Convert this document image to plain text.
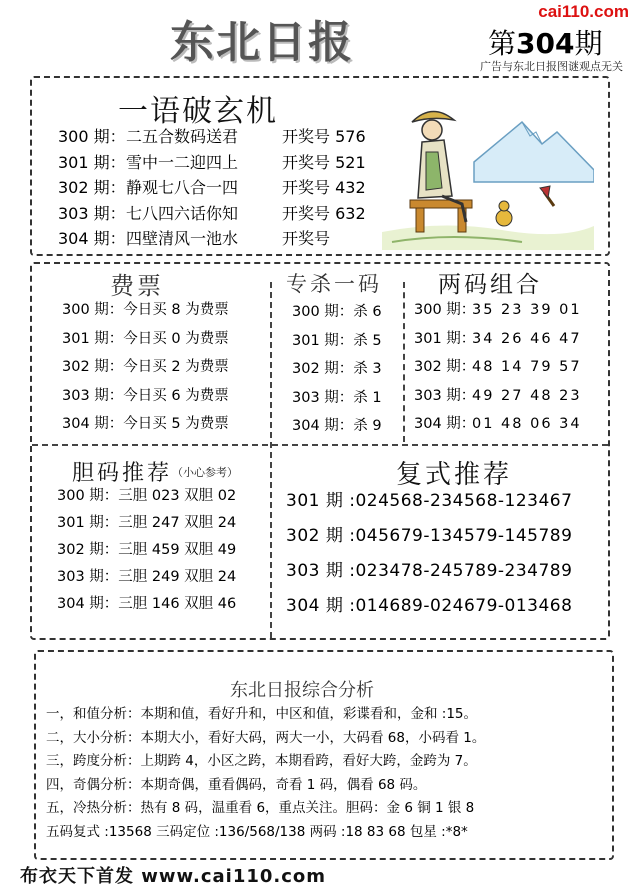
东北日报
cai110.com
第304期
广告与东北日报图谜观点无关
一语破玄机
300 期：二五合数码送君	开奖号 576
301 期：雪中一二迎四上	开奖号 521
302 期：静观七八合一四	开奖号 432
303 期：七八四六话你知	开奖号 632
304 期：四壁清风一池水	开奖号
费票
300 期：今日买 8 为费票
301 期：今日买 0 为费票
302 期：今日买 2 为费票
303 期：今日买 6 为费票
304 期：今日买 5 为费票
专杀一码
300 期：杀 6
301 期：杀 5
302 期：杀 3
303 期：杀 1
304 期：杀 9
两码组合
300 期：35 23 39 01
301 期：34 26 46 47
302 期：48 14 79 57
303 期：49 27 48 23
304 期：01 48 06 34
胆码推荐 （小心参考）
300 期：三胆 023 双胆 02
301 期：三胆 247 双胆 24
302 期：三胆 459 双胆 49
303 期：三胆 249 双胆 24
304 期：三胆 146 双胆 46
复式推荐
301 期 :024568-234568-123467
302 期 :045679-134579-145789
303 期 :023478-245789-234789
304 期 :014689-024679-013468
东北日报综合分析
一，和值分析：本期和值，看好升和，中区和值，彩谍看和，金和 :15。
二，大小分析：本期大小，看好大码，两大一小，大码看 68，小码看 1。
三，跨度分析：上期跨 4，小区之跨，本期看跨，看好大跨，金跨为 7。
四，奇偶分析：本期奇偶，重看偶码，奇看 1 码，偶看 68 码。
五，冷热分析：热有 8 码，温重看 6，重点关注。胆码：金 6 铜 1 银 8
五码复式 :13568 三码定位 :136/568/138 两码 :18 83 68 包星 :*8*
布衣天下首发 www.cai110.com
